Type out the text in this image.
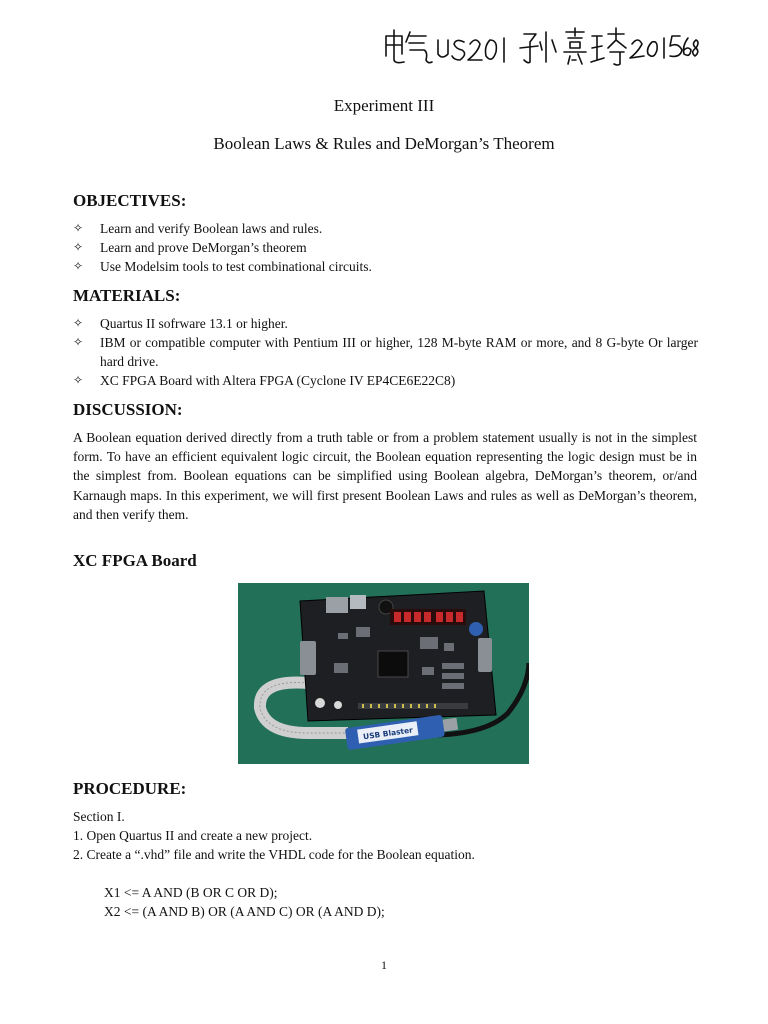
Experiment III
Boolean Laws & Rules and DeMorgan’s Theorem
OBJECTIVES:
✧ Learn and verify Boolean laws and rules.
✧ Learn and prove DeMorgan’s theorem
✧ Use Modelsim tools to test combinational circuits.
MATERIALS:
✧ Quartus II sofrware 13.1 or higher.
✧ IBM or compatible computer with Pentium III or higher, 128 M-byte RAM or more, and 8 G-byte Or larger hard drive.
✧ XC FPGA Board with Altera FPGA (Cyclone IV EP4CE6E22C8)
DISCUSSION:
A Boolean equation derived directly from a truth table or from a problem statement usually is not in the simplest form. To have an efficient equivalent logic circuit, the Boolean equation representing the logic design must be in the simplest from. Boolean equations can be simplified using Boolean algebra, DeMorgan’s theorem, or/and Karnaugh maps. In this experiment, we will first present Boolean Laws and rules as well as DeMorgan’s theorem, and then verify them.
XC FPGA Board
USB Blaster
PROCEDURE:
Section I.
1. Open Quartus II and create a new project.
2. Create a “.vhd” file and write the VHDL code for the Boolean equation.
X1 <= A AND (B OR C OR D);
X2 <= (A AND B) OR (A AND C) OR (A AND D);
1
